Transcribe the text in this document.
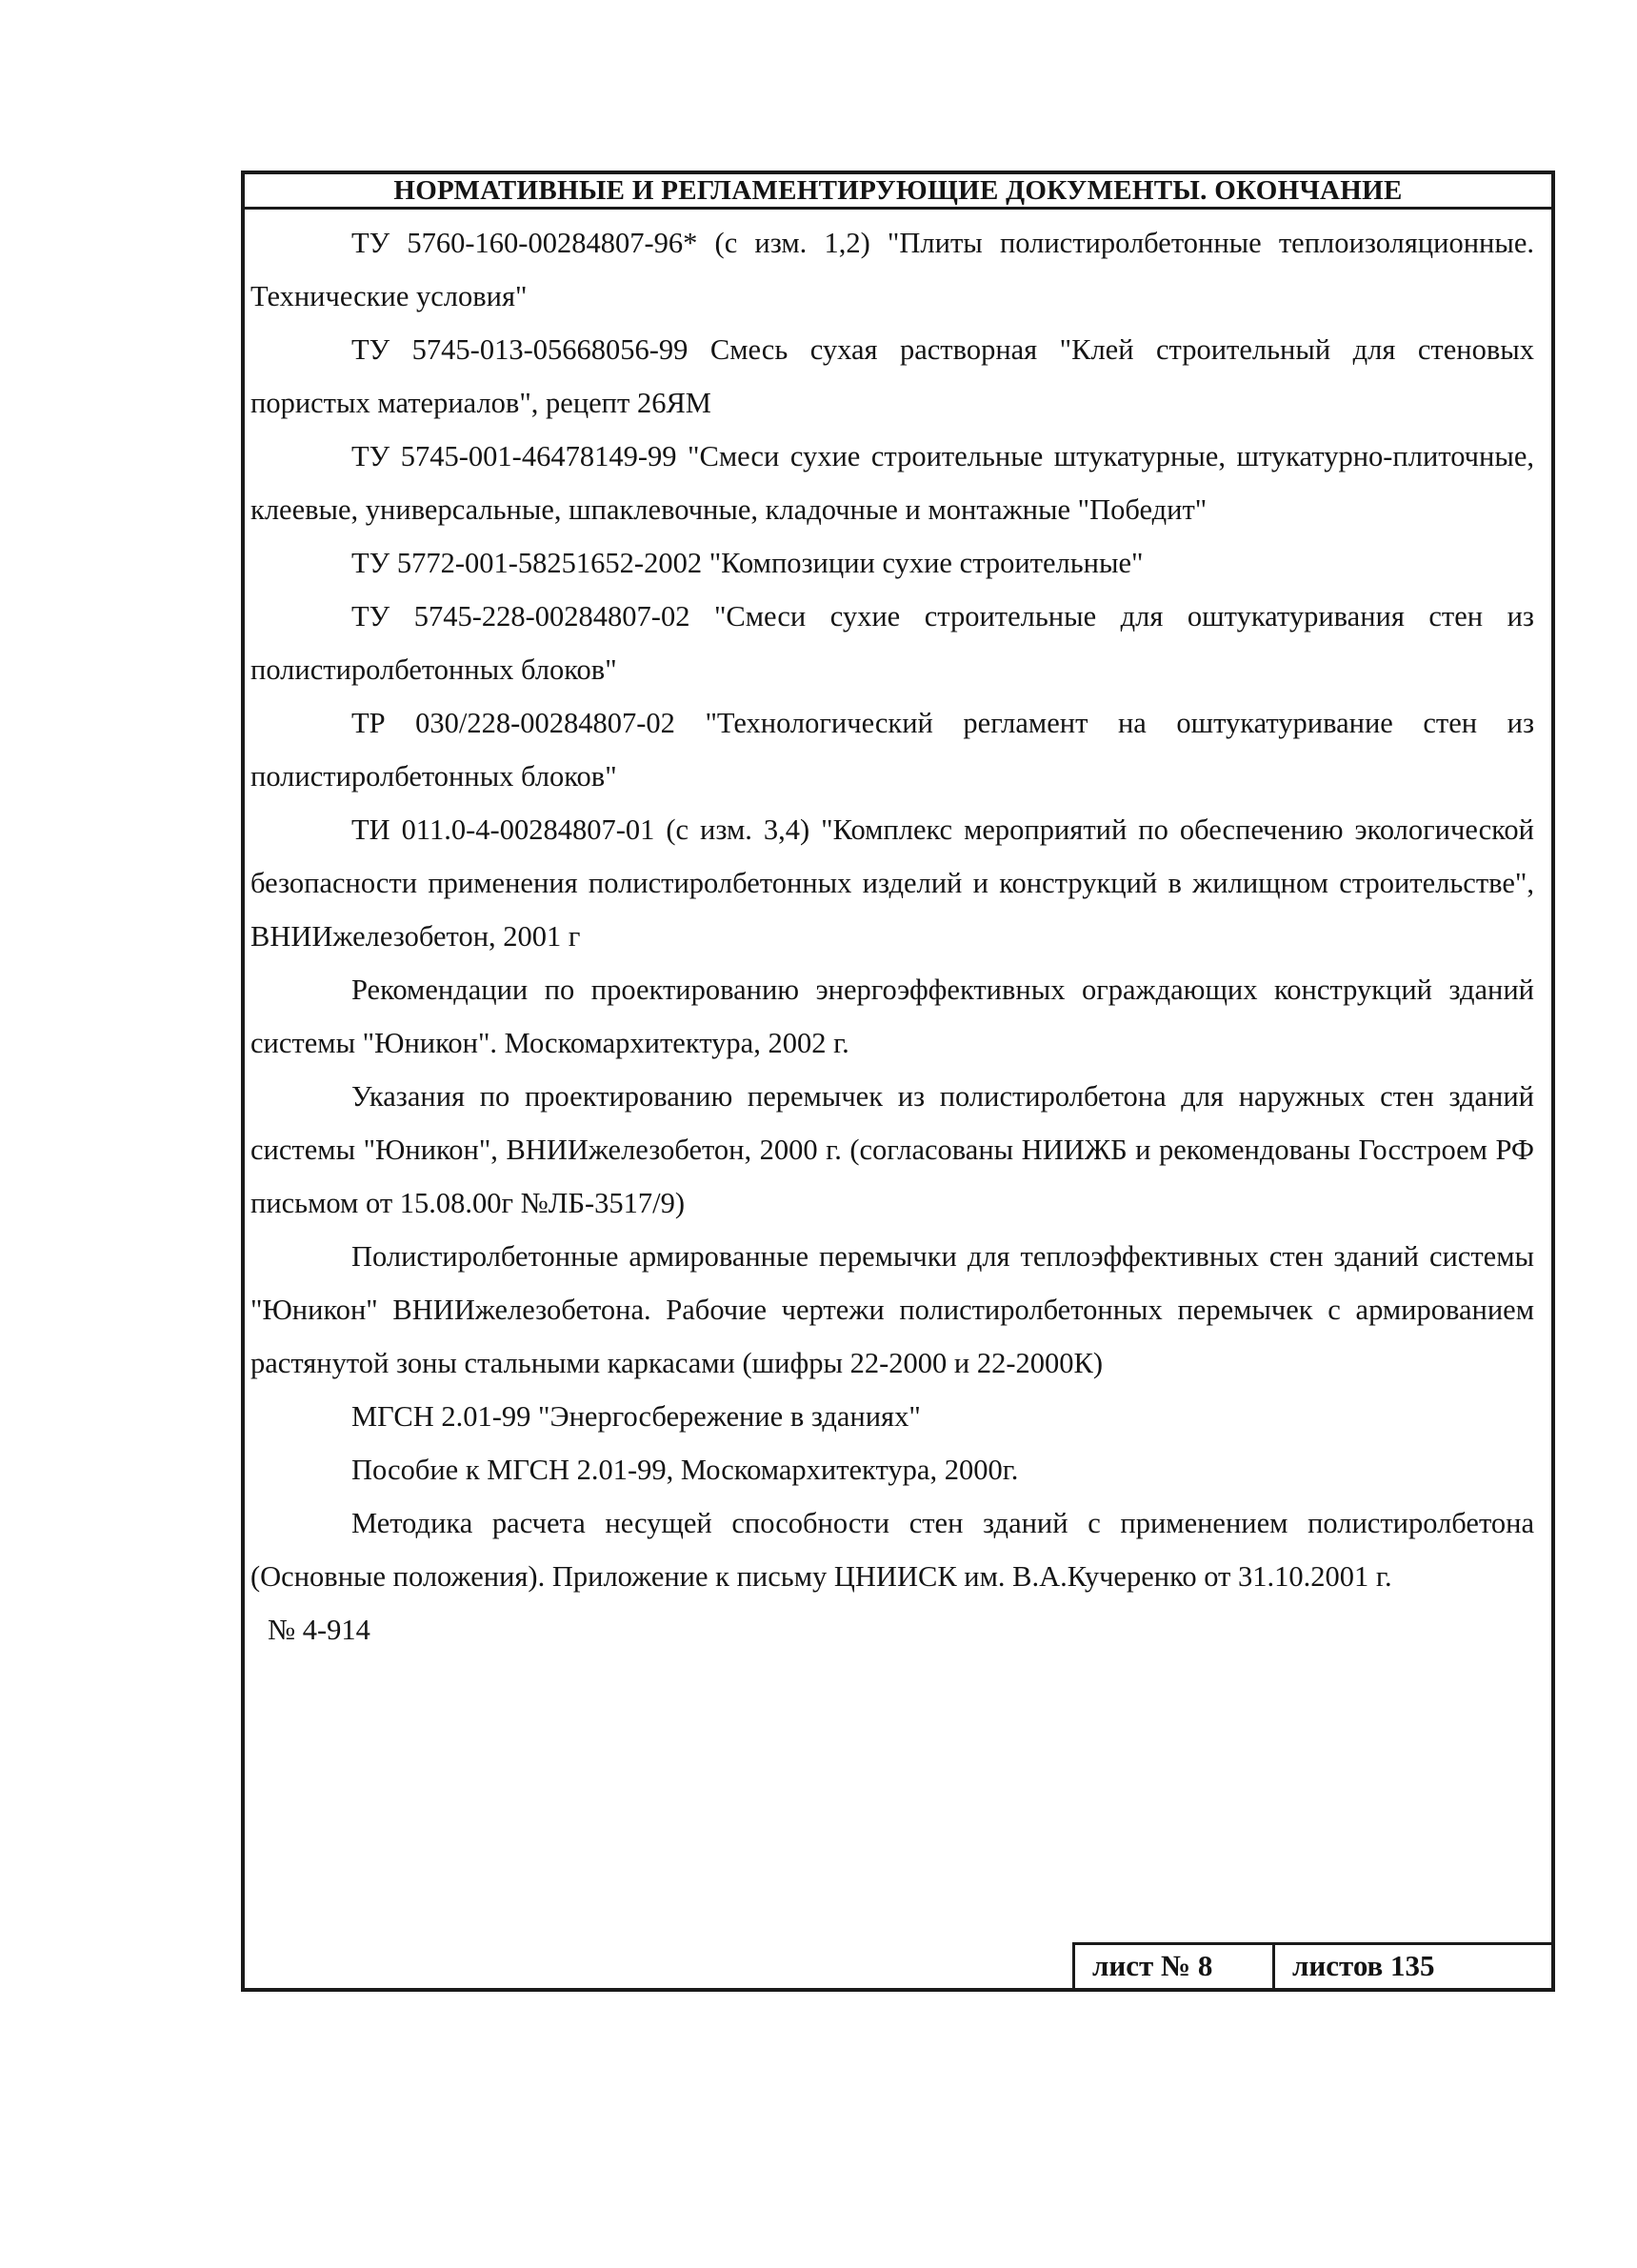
НОРМАТИВНЫЕ И РЕГЛАМЕНТИРУЮЩИЕ ДОКУМЕНТЫ. ОКОНЧАНИЕ

ТУ 5760-160-00284807-96* (с изм. 1,2) "Плиты полистиролбетонные теплоизоляционные. Технические условия"

ТУ 5745-013-05668056-99 Смесь сухая растворная "Клей строительный для стеновых пористых материалов", рецепт 26ЯМ

ТУ 5745-001-46478149-99 "Смеси сухие строительные штукатурные, штукатурно-плиточные, клеевые, универсальные, шпаклевочные, кладочные и монтажные "Победит"

ТУ 5772-001-58251652-2002 "Композиции сухие строительные"

ТУ 5745-228-00284807-02 "Смеси сухие строительные для оштукатуривания стен из полистиролбетонных блоков"

ТР 030/228-00284807-02 "Технологический регламент на оштукатуривание стен из полистиролбетонных блоков"

ТИ 011.0-4-00284807-01 (с изм. 3,4) "Комплекс мероприятий по обеспечению экологической безопасности применения полистиролбетонных изделий и конструкций в жилищном строительстве", ВНИИжелезобетон, 2001 г

Рекомендации по проектированию энергоэффективных ограждающих конструкций зданий системы "Юникон". Москомархитектура, 2002 г.

Указания по проектированию перемычек из полистиролбетона для наружных стен зданий системы "Юникон", ВНИИжелезобетон, 2000 г. (согласованы НИИЖБ и рекомендованы Госстроем РФ письмом от 15.08.00г №ЛБ-3517/9)

Полистиролбетонные армированные перемычки для теплоэффективных стен зданий системы "Юникон" ВНИИжелезобетона. Рабочие чертежи полистиролбетонных перемычек с армированием растянутой зоны стальными каркасами (шифры 22-2000 и 22-2000К)

МГСН 2.01-99 "Энергосбережение в зданиях"

Пособие к МГСН 2.01-99, Москомархитектура, 2000г.

Методика расчета несущей способности стен зданий с применением полистиролбетона (Основные положения). Приложение к письму ЦНИИСК им. В.А.Кучеренко от 31.10.2001 г.

№ 4-914

лист № 8	листов 135
